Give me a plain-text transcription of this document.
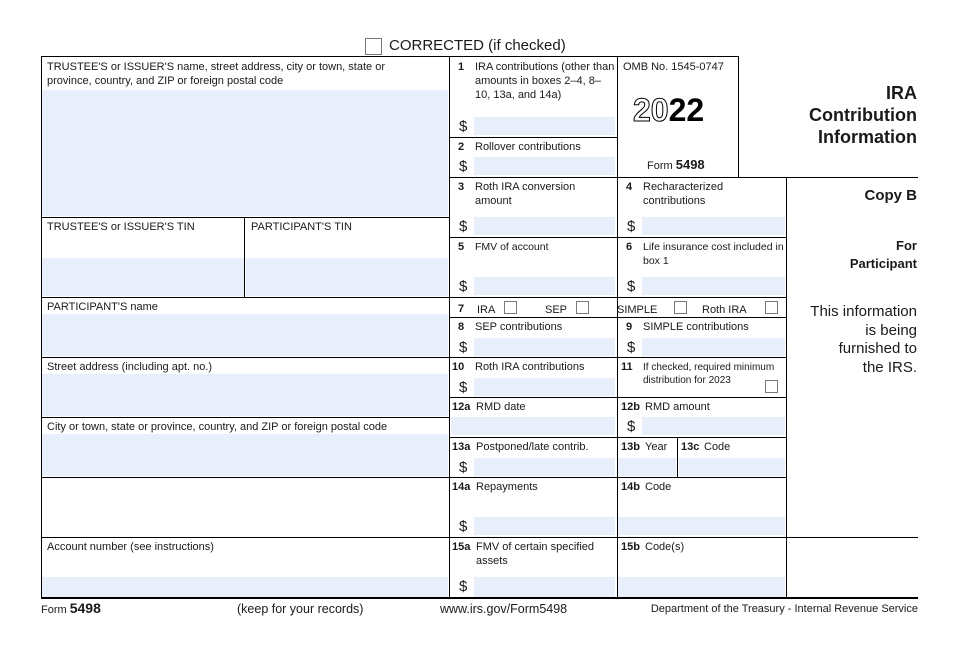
CORRECTED (if checked)
TRUSTEE'S or ISSUER'S name, street address, city or town, state or province, country, and ZIP or foreign postal code
TRUSTEE'S or ISSUER'S TIN	PARTICIPANT'S TIN
PARTICIPANT'S name
Street address (including apt. no.)
City or town, state or province, country, and ZIP or foreign postal code
Account number (see instructions)
1 IRA contributions (other than amounts in boxes 2–4, 8–10, 13a, and 14a)
$
2 Rollover contributions
$
OMB No. 1545-0747
2022
Form 5498
IRA
Contribution
Information
3 Roth IRA conversion amount
$
4 Recharacterized contributions
$
Copy B
For
Participant
This information
is being
furnished to
the IRS.
5 FMV of account
$
6 Life insurance cost included in box 1
$
7 IRA	SEP	SIMPLE	Roth IRA
8 SEP contributions
$
9 SIMPLE contributions
$
10 Roth IRA contributions
$
11 If checked, required minimum distribution for 2023
12a RMD date	12b RMD amount
$
13a Postponed/late contrib.
$
13b Year 13c Code
14a Repayments
$
14b Code
15a FMV of certain specified assets
$
15b Code(s)
Form 5498	(keep for your records)	www.irs.gov/Form5498	Department of the Treasury - Internal Revenue Service
